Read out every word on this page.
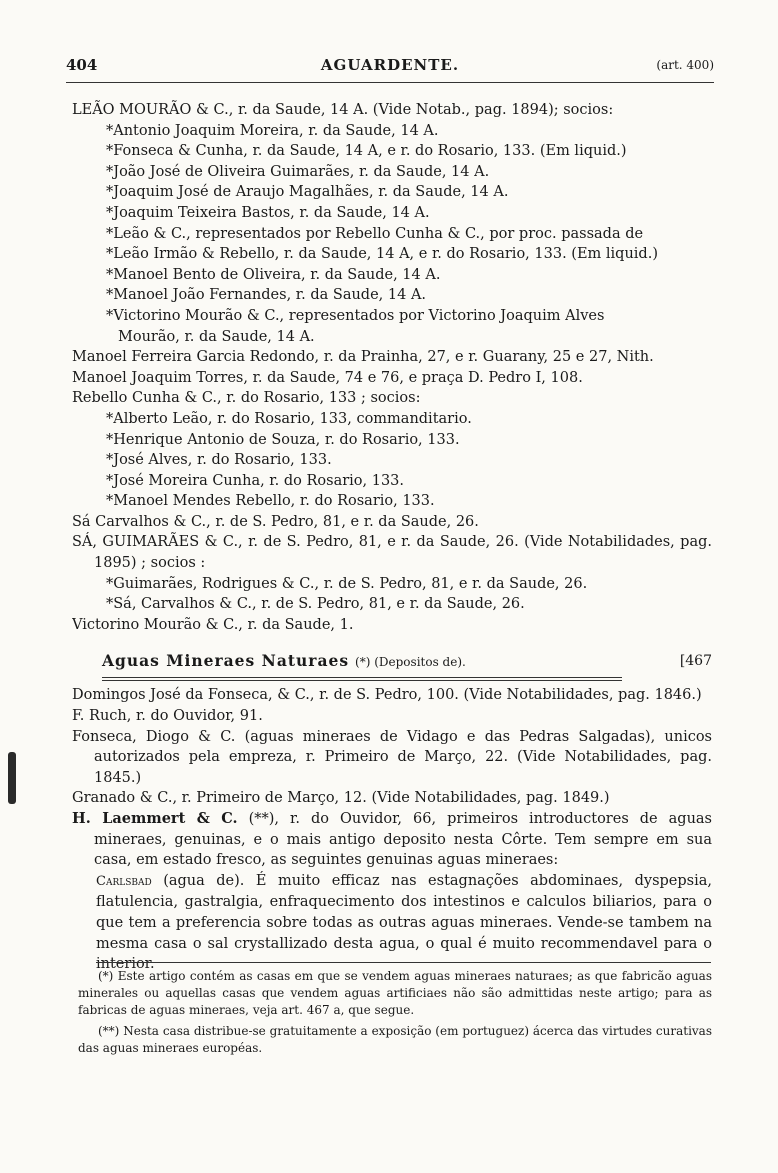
404	AGUARDENTE.	(art. 400)
LEÃO MOURÃO & C., r. da Saude, 14 A. (Vide Notab., pag. 1894); socios:
*Antonio Joaquim Moreira, r. da Saude, 14 A.
*Fonseca & Cunha, r. da Saude, 14 A, e r. do Rosario, 133. (Em liquid.)
*João José de Oliveira Guimarães, r. da Saude, 14 A.
*Joaquim José de Araujo Magalhães, r. da Saude, 14 A.
*Joaquim Teixeira Bastos, r. da Saude, 14 A.
*Leão & C., representados por Rebello Cunha & C., por proc. passada de
*Leão Irmão & Rebello, r. da Saude, 14 A, e r. do Rosario, 133. (Em liquid.)
*Manoel Bento de Oliveira, r. da Saude, 14 A.
*Manoel João Fernandes, r. da Saude, 14 A.
*Victorino Mourão & C., representados por Victorino Joaquim Alves
Mourão, r. da Saude, 14 A.
Manoel Ferreira Garcia Redondo, r. da Prainha, 27, e r. Guarany, 25 e 27, Nith.
Manoel Joaquim Torres, r. da Saude, 74 e 76, e praça D. Pedro I, 108.
Rebello Cunha & C., r. do Rosario, 133 ; socios:
*Alberto Leão, r. do Rosario, 133, commanditario.
*Henrique Antonio de Souza, r. do Rosario, 133.
*José Alves, r. do Rosario, 133.
*José Moreira Cunha, r. do Rosario, 133.
*Manoel Mendes Rebello, r. do Rosario, 133.
Sá Carvalhos & C., r. de S. Pedro, 81, e r. da Saude, 26.
SÁ, GUIMARÃES & C., r. de S. Pedro, 81, e r. da Saude, 26. (Vide Notabilidades, pag. 1895) ; socios :
*Guimarães, Rodrigues & C., r. de S. Pedro, 81, e r. da Saude, 26.
*Sá, Carvalhos & C., r. de S. Pedro, 81, e r. da Saude, 26.
Victorino Mourão & C., r. da Saude, 1.
Aguas Mineraes Naturaes (*) (Depositos de).	[467
Domingos José da Fonseca, & C., r. de S. Pedro, 100. (Vide Notabilidades, pag. 1846.)
F. Ruch, r. do Ouvidor, 91.
Fonseca, Diogo & C. (aguas mineraes de Vidago e das Pedras Salgadas), unicos autorizados pela empreza, r. Primeiro de Março, 22. (Vide Notabilidades, pag. 1845.)
Granado & C., r. Primeiro de Março, 12. (Vide Notabilidades, pag. 1849.)
H. Laemmert & C. (**), r. do Ouvidor, 66, primeiros introductores de aguas mineraes, genuinas, e o mais antigo deposito nesta Côrte. Tem sempre em sua casa, em estado fresco, as seguintes genuinas aguas mineraes:
Carlsbad (agua de). É muito efficaz nas estagnações abdominaes, dyspepsia, flatulencia, gastralgia, enfraquecimento dos intestinos e calculos biliarios, para o que tem a preferencia sobre todas as outras aguas mineraes. Vende-se tambem na mesma casa o sal crystallizado desta agua, o qual é muito recommendavel para o interior.

(*) Este artigo contém as casas em que se vendem aguas mineraes naturaes; as que fabricão aguas minerales ou aquellas casas que vendem aguas artificiaes não são admittidas neste artigo; para as fabricas de aguas mineraes, veja art. 467 a, que segue.

(**) Nesta casa distribue-se gratuitamente a exposição (em portuguez) ácerca das virtudes curativas das aguas mineraes européas.
